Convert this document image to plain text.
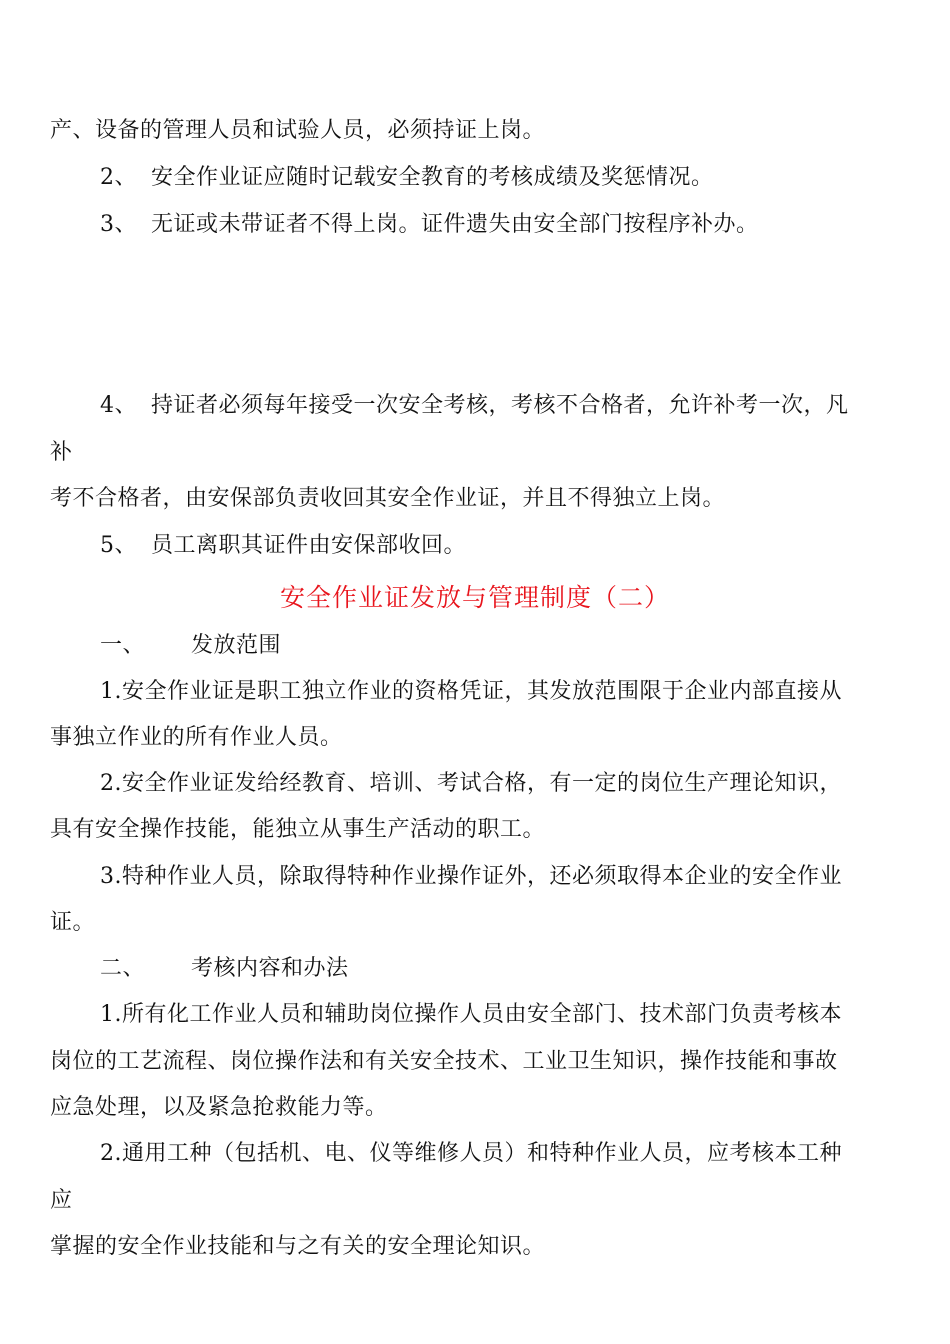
产、设备的管理人员和试验人员，必须持证上岗。
2、 安全作业证应随时记载安全教育的考核成绩及奖惩情况。
3、 无证或未带证者不得上岗。证件遗失由安全部门按程序补办。
4、 持证者必须每年接受一次安全考核，考核不合格者，允许补考一次，凡
补
考不合格者，由安保部负责收回其安全作业证，并且不得独立上岗。
5、 员工离职其证件由安保部收回。
安全作业证发放与管理制度（二）
一、 发放范围
1.安全作业证是职工独立作业的资格凭证，其发放范围限于企业内部直接从
事独立作业的所有作业人员。
2.安全作业证发给经教育、培训、考试合格，有一定的岗位生产理论知识，
具有安全操作技能，能独立从事生产活动的职工。
3.特种作业人员，除取得特种作业操作证外，还必须取得本企业的安全作业
证。
二、 考核内容和办法
1.所有化工作业人员和辅助岗位操作人员由安全部门、技术部门负责考核本
岗位的工艺流程、岗位操作法和有关安全技术、工业卫生知识，操作技能和事故
应急处理，以及紧急抢救能力等。
2.通用工种（包括机、电、仪等维修人员）和特种作业人员，应考核本工种
应
掌握的安全作业技能和与之有关的安全理论知识。
